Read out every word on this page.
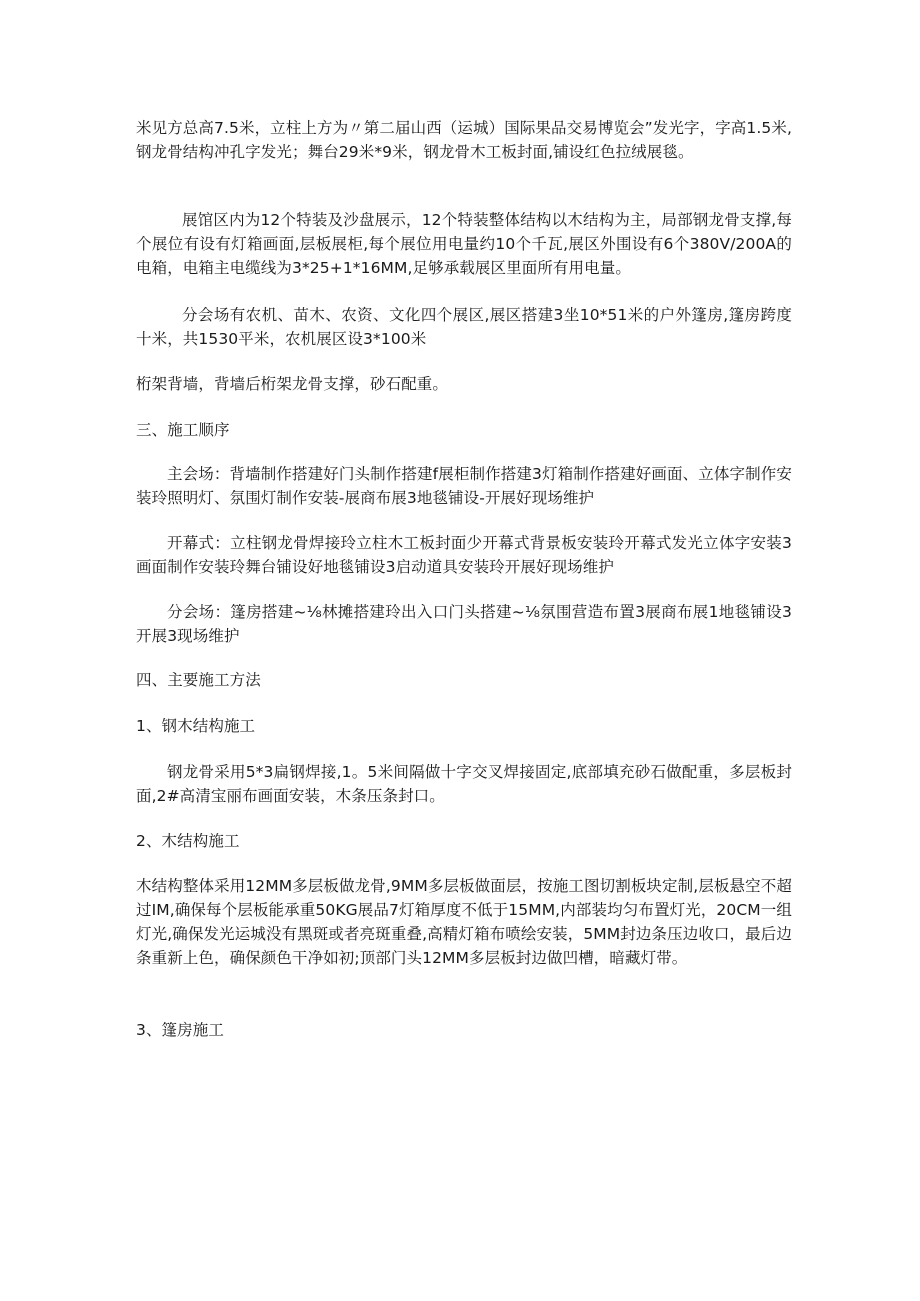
米见方总高7.5米，立柱上方为〃第二届山西（运城）国际果品交易博览会”发光字，字高1.5米,钢龙骨结构冲孔字发光；舞台29米*9米，钢龙骨木工板封面,铺设红色拉绒展毯。

展馆区内为12个特装及沙盘展示，12个特装整体结构以木结构为主，局部钢龙骨支撑,每个展位有设有灯箱画面,层板展柜,每个展位用电量约10个千瓦,展区外围设有6个380V/200A的电箱，电箱主电缆线为3*25+1*16MM,足够承载展区里面所有用电量。

分会场有农机、苗木、农资、文化四个展区,展区搭建3坐10*51米的户外篷房,篷房跨度十米，共1530平米，农机展区设3*100米

桁架背墙，背墙后桁架龙骨支撑，砂石配重。

三、施工顺序

主会场：背墙制作搭建好门头制作搭建f展柜制作搭建3灯箱制作搭建好画面、立体字制作安装玲照明灯、氛围灯制作安装-展商布展3地毯铺设-开展好现场维护

开幕式：立柱钢龙骨焊接玲立柱木工板封面少开幕式背景板安装玲开幕式发光立体字安装3画面制作安装玲舞台铺设好地毯铺设3启动道具安装玲开展好现场维护

分会场：篷房搭建~⅛林摊搭建玲出入口门头搭建~⅛氛围营造布置3展商布展1地毯铺设3开展3现场维护

四、主要施工方法

1、钢木结构施工

钢龙骨采用5*3扁钢焊接,1。5米间隔做十字交叉焊接固定,底部填充砂石做配重，多层板封面,2#高清宝丽布画面安装，木条压条封口。

2、木结构施工

木结构整体采用12MM多层板做龙骨,9MM多层板做面层，按施工图切割板块定制,层板悬空不超过IM,确保每个层板能承重50KG展品7灯箱厚度不低于15MM,内部装均匀布置灯光，20CM一组灯光,确保发光运城没有黑斑或者亮斑重叠,高精灯箱布喷绘安装，5MM封边条压边收口，最后边条重新上色，确保颜色干净如初;顶部门头12MM多层板封边做凹槽，暗藏灯带。

3、篷房施工
